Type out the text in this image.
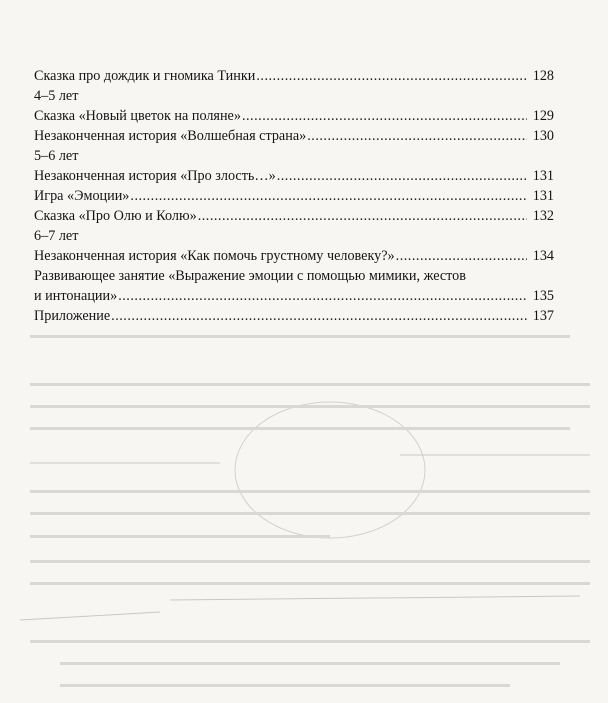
Сказка про дождик и гномика Тинки .....	128
4–5 лет
Сказка «Новый цветок на поляне» .....	129
Незаконченная история «Волшебная страна» .....	130
5–6 лет
Незаконченная история «Про злость…» .....	131
Игра «Эмоции» .....	131
Сказка «Про Олю и Колю» .....	132
6–7 лет
Незаконченная история «Как помочь грустному человеку?» .....	134
Развивающее занятие «Выражение эмоции с помощью мимики, жестов
и интонации» .....	135
Приложение .....	137
